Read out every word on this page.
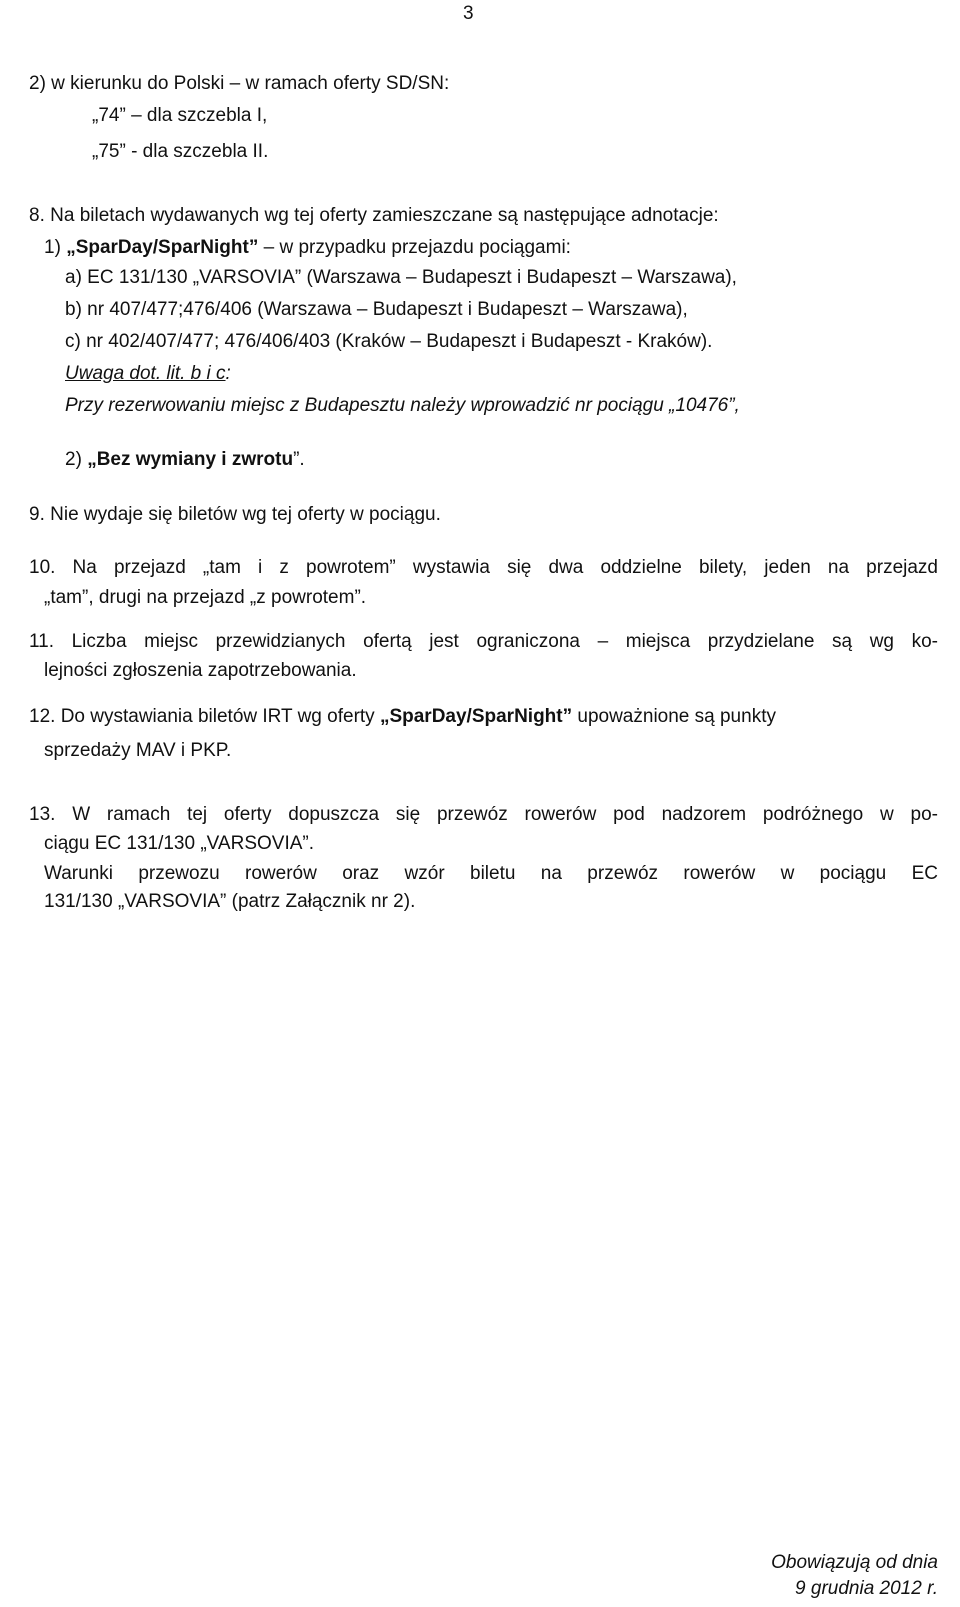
3
2) w kierunku do Polski – w ramach oferty SD/SN:
„74” – dla szczebla I,
„75” - dla szczebla II.
8. Na biletach wydawanych wg tej oferty zamieszczane są następujące adnotacje:
1) „SparDay/SparNight” – w przypadku przejazdu pociągami:
a) EC 131/130 „VARSOVIA” (Warszawa – Budapeszt i Budapeszt – Warszawa),
b) nr 407/477;476/406 (Warszawa – Budapeszt i Budapeszt – Warszawa),
c) nr 402/407/477; 476/406/403 (Kraków – Budapeszt i Budapeszt - Kraków).
Uwaga dot. lit. b i c:
Przy rezerwowaniu miejsc z Budapesztu należy wprowadzić nr pociągu „10476”,
2) „Bez wymiany i zwrotu”.
9. Nie wydaje się biletów wg tej oferty w pociągu.
10. Na przejazd „tam i z powrotem” wystawia się dwa oddzielne bilety, jeden na przejazd
„tam”, drugi na przejazd „z powrotem”.
11. Liczba miejsc przewidzianych ofertą jest ograniczona – miejsca przydzielane są wg ko-
lejności zgłoszenia zapotrzebowania.
12. Do wystawiania biletów IRT wg oferty „SparDay/SparNight” upoważnione są punkty
sprzedaży MAV i PKP.
13. W ramach tej oferty dopuszcza się przewóz rowerów pod nadzorem podróżnego w po-
ciągu EC 131/130 „VARSOVIA”.
Warunki przewozu rowerów oraz wzór biletu na przewóz rowerów w pociągu EC
131/130 „VARSOVIA” (patrz Załącznik nr 2).
Obowiązują od dnia
9 grudnia 2012 r.
